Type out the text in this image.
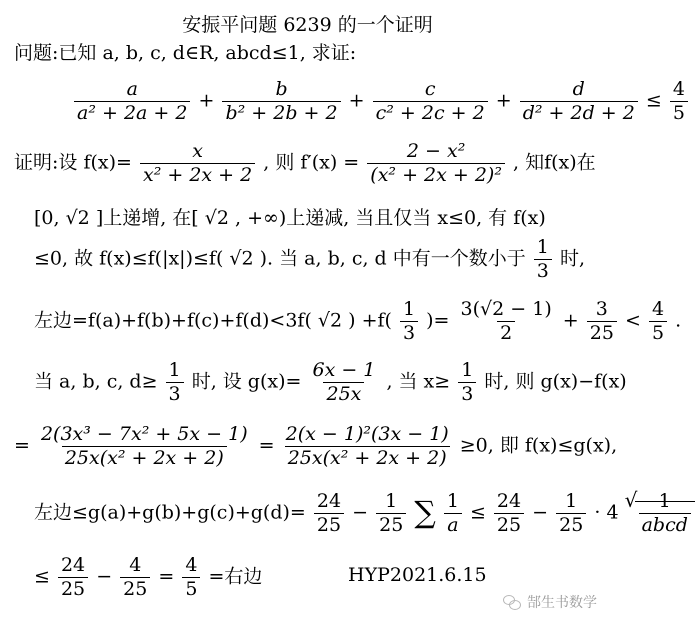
安振平问题 6239 的一个证明
问题:已知 a, b, c, d∈R, abcd≤1, 求证:
$\frac{a}{\text{a² + 2a + 2}} + \frac{b}{\text{b² + 2b + 2}} + \frac{c}{\text{c² + 2c + 2}} + \frac{d}{\text{d² + 2d + 2}} \le \frac{4}{5}$
证明:设 $f(x)= \frac{x}{\text{x² + 2x + 2}}$ , 则 $f'(x) = \frac{\text{2 − x²}}{\text{(x² + 2x + 2)²}}$ , 知f(x)在
[0, √2 ]上递增, 在[ √2 , +∞)上递减, 当且仅当 x≤0, 有 f(x)
≤0, 故 f(x)≤f(|x|)≤f( √2 ). 当 a, b, c, d 中有一个数小于 $\frac{1}{3}$ 时,
左边=f(a)+f(b)+f(c)+f(d)<3f( √2 ) $+f( \frac{1}{3}$ )= $\frac{3(√2 - 1)}{2} + \frac{3}{25} < \frac{4}{5}$ .
当 a, b, c, $d\ge \frac{1}{3}$ 时, 设 $g(x)= \frac{6x - 1}{25x}$ , 当 $x\ge \frac{1}{3}$ 时, 则 g(x)−f(x)
= $\frac{\text{2(3x³ − 7x² + 5x − 1)}}{\text{25x(x² + 2x + 2)}} = \frac{\text{2(x − 1)²(3x − 1)}}{\text{25x(x² + 2x + 2)}} \ge 0$, 即 f(x)≤g(x),
左边$\le g(a)+g(b)+g(c)+g(d)= \frac{24}{25} - \frac{1}{25}$ ∑ $\frac{1}{a} \le \frac{24}{25} - \frac{1}{25} \cdot 4$
√ $\frac{1}{\text{abcd}}$
≤ $\frac{24}{25} - \frac{4}{25} = \frac{4}{5}$ =右边	HYP2021.6.15
郜生书数学
